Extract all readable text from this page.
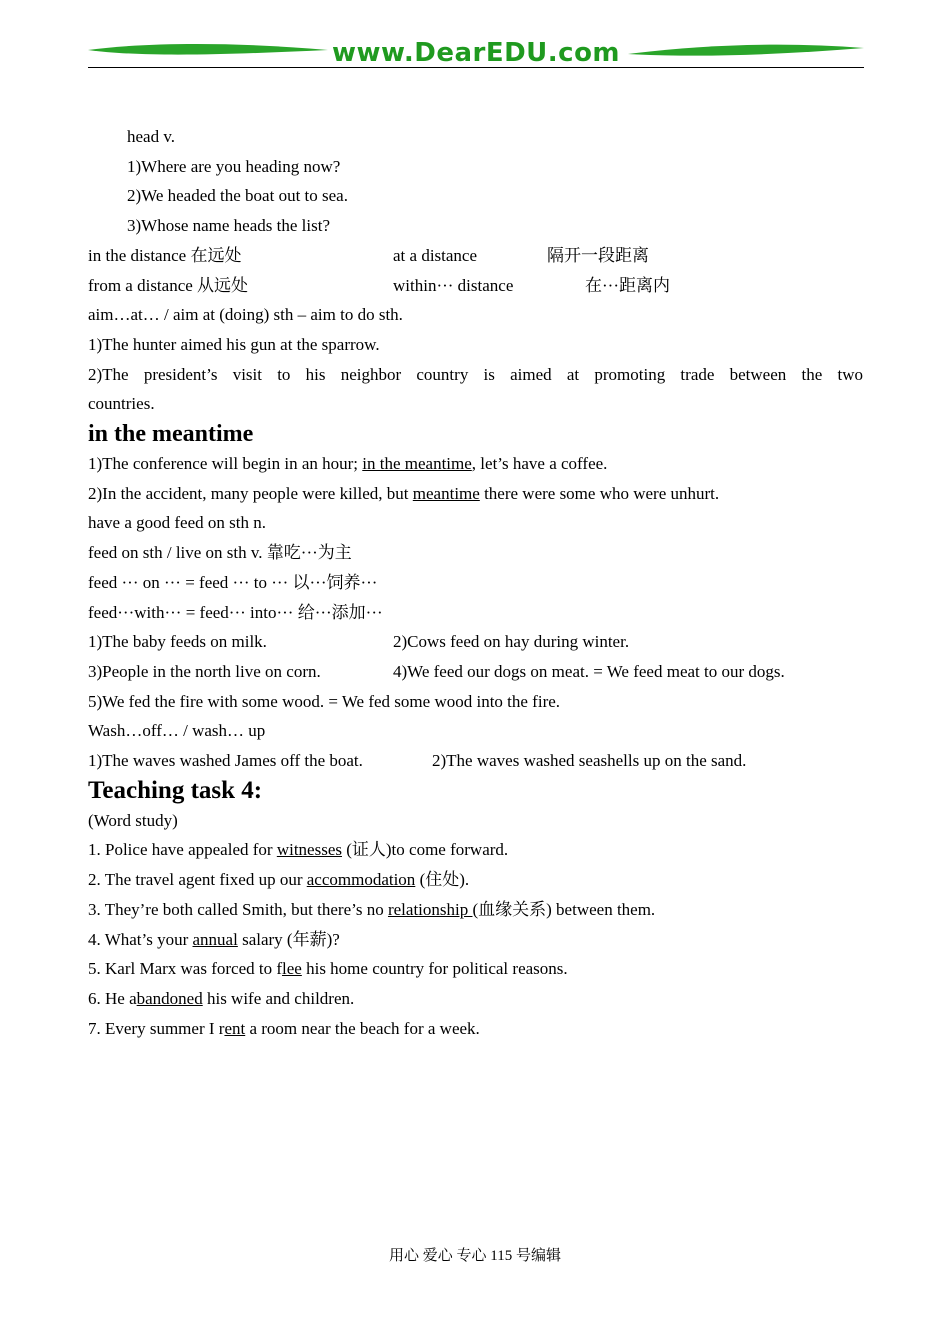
www.DearEDU.com
head v.
1)Where are you heading now?
2)We headed the boat out to sea.
3)Whose name heads the list?
in the distance 在远处	at a distance	隔开一段距离
from a distance 从远处	within··· distance	在···距离内
aim…at… / aim at (doing) sth – aim to do sth.
1)The hunter aimed his gun at the sparrow.
2)The president’s visit to his neighbor country is aimed at promoting trade between the two
countries.
in the meantime
1)The conference will begin in an hour; in the meantime, let’s have a coffee.
2)In the accident, many people were killed, but meantime there were some who were unhurt.
have a good feed on sth n.
feed on sth / live on sth v. 靠吃···为主
feed ··· on ··· = feed ··· to ··· 以···饲养···
feed···with··· = feed··· into··· 给···添加···
1)The baby feeds on milk.	2)Cows feed on hay during winter.
3)People in the north live on corn.	4)We feed our dogs on meat. = We feed meat to our dogs.
5)We fed the fire with some wood. = We fed some wood into the fire.
Wash…off… / wash… up
1)The waves washed James off the boat.	2)The waves washed seashells up on the sand.
Teaching task 4:
(Word study)
1. Police have appealed for witnesses (证人)to come forward.
2. The travel agent fixed up our accommodation (住处).
3. They’re both called Smith, but there’s no relationship (血缘关系) between them.
4. What’s your annual salary (年薪)?
5. Karl Marx was forced to flee his home country for political reasons.
6. He abandoned his wife and children.
7. Every summer I rent a room near the beach for a week.
用心 爱心 专心 115 号编辑
